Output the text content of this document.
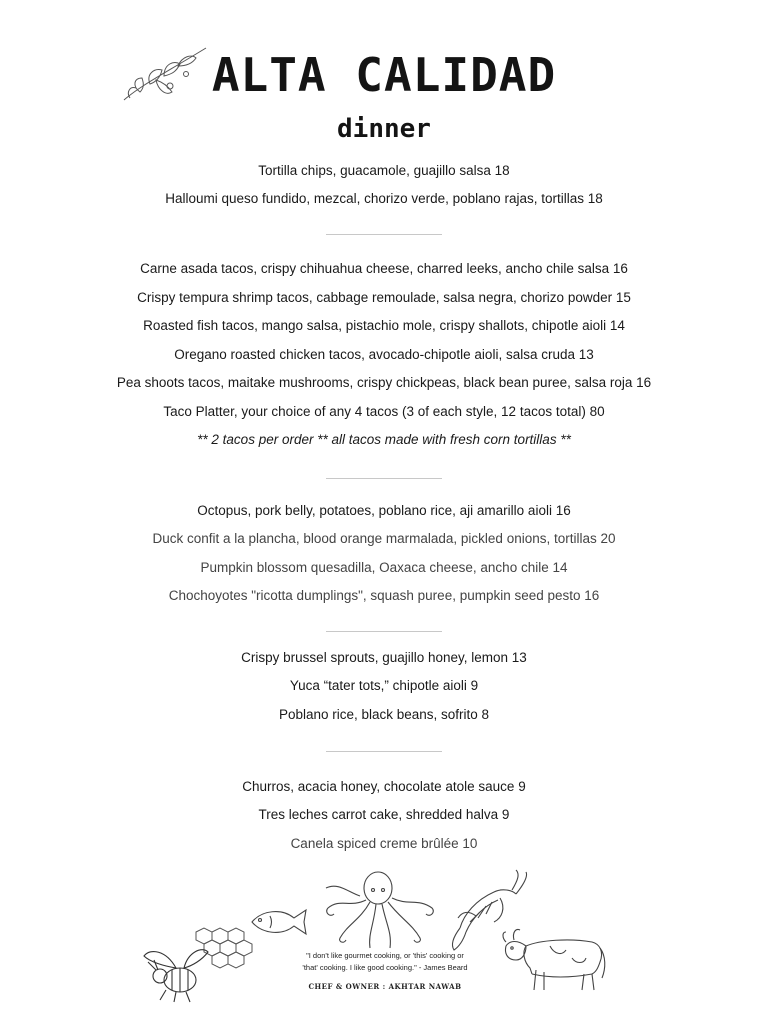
ALTA CALIDAD
dinner
Tortilla chips, guacamole, guajillo salsa 18
Halloumi queso fundido, mezcal, chorizo verde, poblano rajas, tortillas 18
Carne asada tacos, crispy chihuahua cheese, charred leeks, ancho chile salsa 16
Crispy tempura shrimp tacos, cabbage remoulade, salsa negra, chorizo powder 15
Roasted fish tacos, mango salsa, pistachio mole, crispy shallots, chipotle aioli 14
Oregano roasted chicken tacos, avocado-chipotle aioli, salsa cruda 13
Pea shoots tacos, maitake mushrooms, crispy chickpeas, black bean puree, salsa roja 16
Taco Platter, your choice of any 4 tacos (3 of each style, 12 tacos total) 80
** 2 tacos per order ** all tacos made with fresh corn tortillas **
Octopus, pork belly, potatoes, poblano rice, aji amarillo aioli 16
Duck confit a la plancha, blood orange marmalada, pickled onions, tortillas 20
Pumpkin blossom quesadilla, Oaxaca cheese, ancho chile 14
Chochoyotes "ricotta dumplings", squash puree, pumpkin seed pesto 16
Crispy brussel sprouts, guajillo honey, lemon 13
Yuca “tater tots,” chipotle aioli 9
Poblano rice, black beans, sofrito 8
Churros, acacia honey, chocolate atole sauce 9
Tres leches carrot cake, shredded halva 9
Canela spiced creme brûlée 10
"I don't like gourmet cooking, or 'this' cooking or
'that' cooking. I like good cooking." - James Beard
CHEF & OWNER : AKHTAR NAWAB
